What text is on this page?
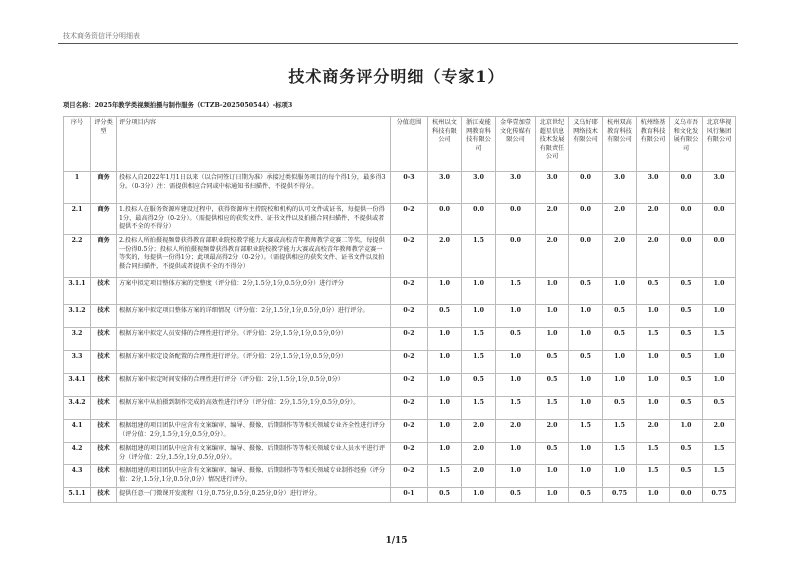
技术商务资信评分明细表
技术商务评分明细（专家1）
项目名称：2025年教学类视频拍摄与制作服务（CTZB-2025050544）-标项3
序号	评分类型	评分项目内容	分值范围	杭州以文科技有限公司	浙江麦能网教育科技有限公司	金华壹加壹文化传媒有限公司	北京世纪超星信息技术发展有限责任公司	义乌好耶网络技术有限公司	杭州双高教育科技有限公司	杭州络基教育科技有限公司	义乌市吾和文化发展有限公司	北京华视风行集团有限公司
1	商务	投标人自2022年1月1日以来（以合同签订日期为准）承接过类似服务项目的每个得1分，最多得3分。（0-3分）注：需提供相应合同或中标通知书扫描件，不提供不得分。	0-3	3.0	3.0	3.0	3.0	0.0	3.0	3.0	0.0	3.0
2.1	商务	1.投标人在服务资源库建设过程中，获得资源库主持院校和机构的认可文件或证书，每提供一份得1分，最高得2分（0-2分）。（需提供相应的获奖文件、证书文件以及拍摄合同扫描件，不提供或者提供不全的不得分）	0-2	0.0	0.0	0.0	2.0	0.0	2.0	2.0	0.0	0.0
2.2	商务	2.投标人所拍摄视频曾获得教育部职业院校教学能力大赛或高校青年教师教学竞赛二等奖，每提供一份得0.5分；投标人所拍摄视频曾获得教育部职业院校教学能力大赛或高校青年教师教学竞赛一等奖的，每提供一份得1分；此项最高得2分（0-2分）。（需提供相应的获奖文件、证书文件以及拍摄合同扫描件，不提供或者提供不全的不得分）	0-2	2.0	1.5	0.0	2.0	0.0	2.0	2.0	0.0	0.0
3.1.1	技术	方案中拟定项目整体方案的完整度（评分值：2分,1.5分,1分,0.5分,0分）进行评分	0-2	1.0	1.0	1.5	1.0	0.5	1.0	0.5	0.5	1.0
3.1.2	技术	根据方案中拟定项目整体方案的详细情况（评分值：2分,1.5分,1分,0.5分,0分）进行评分。	0-2	0.5	1.0	1.0	1.0	1.0	0.5	1.0	0.5	1.0
3.2	技术	根据方案中拟定人员安排的合理性进行评分。（评分值：2分,1.5分,1分,0.5分,0分）	0-2	1.0	1.5	0.5	1.0	1.0	0.5	1.5	0.5	1.5
3.3	技术	根据方案中拟定设备配置的合理性进行评分。（评分值：2分,1.5分,1分,0.5分,0分）	0-2	1.0	1.5	1.0	0.5	0.5	1.0	1.0	0.5	1.0
3.4.1	技术	根据方案中拟定时间安排的合理性进行评分（评分值：2分,1.5分,1分,0.5分,0分）	0-2	1.0	0.5	1.0	0.5	1.0	1.0	1.0	0.5	1.0
3.4.2	技术	根据方案中从拍摄到制作完成的高效性进行评分（评分值：2分,1.5分,1分,0.5分,0分）。	0-2	1.0	1.5	1.5	1.5	1.0	0.5	1.0	0.5	0.5
4.1	技术	根据组建的项目团队中应含有文案编审、编导、摄像、后期制作等等相关领域专业齐全性进行评分（评分值：2分,1.5分,1分,0.5分,0分）。	0-2	1.0	2.0	2.0	2.0	1.5	1.5	2.0	1.0	2.0
4.2	技术	根据组建的项目团队中应含有文案编审、编导、摄像、后期制作等等相关领域专业人员水平进行评分（评分值：2分,1.5分,1分,0.5分,0分）。	0-2	1.0	2.0	1.0	0.5	1.0	1.5	1.5	0.5	1.5
4.3	技术	根据组建的项目团队中应含有文案编审、编导、摄像、后期制作等等相关领域专业制作经验（评分值：2分,1.5分,1分,0.5分,0分）情况进行评分。	0-2	1.5	2.0	1.0	1.0	1.0	1.0	1.5	0.5	1.5
5.1.1	技术	提供任意一门微课开发流程（1分,0.75分,0.5分,0.25分,0分）进行评分。	0-1	0.5	1.0	0.5	1.0	0.5	0.75	1.0	0.0	0.75
1/15
